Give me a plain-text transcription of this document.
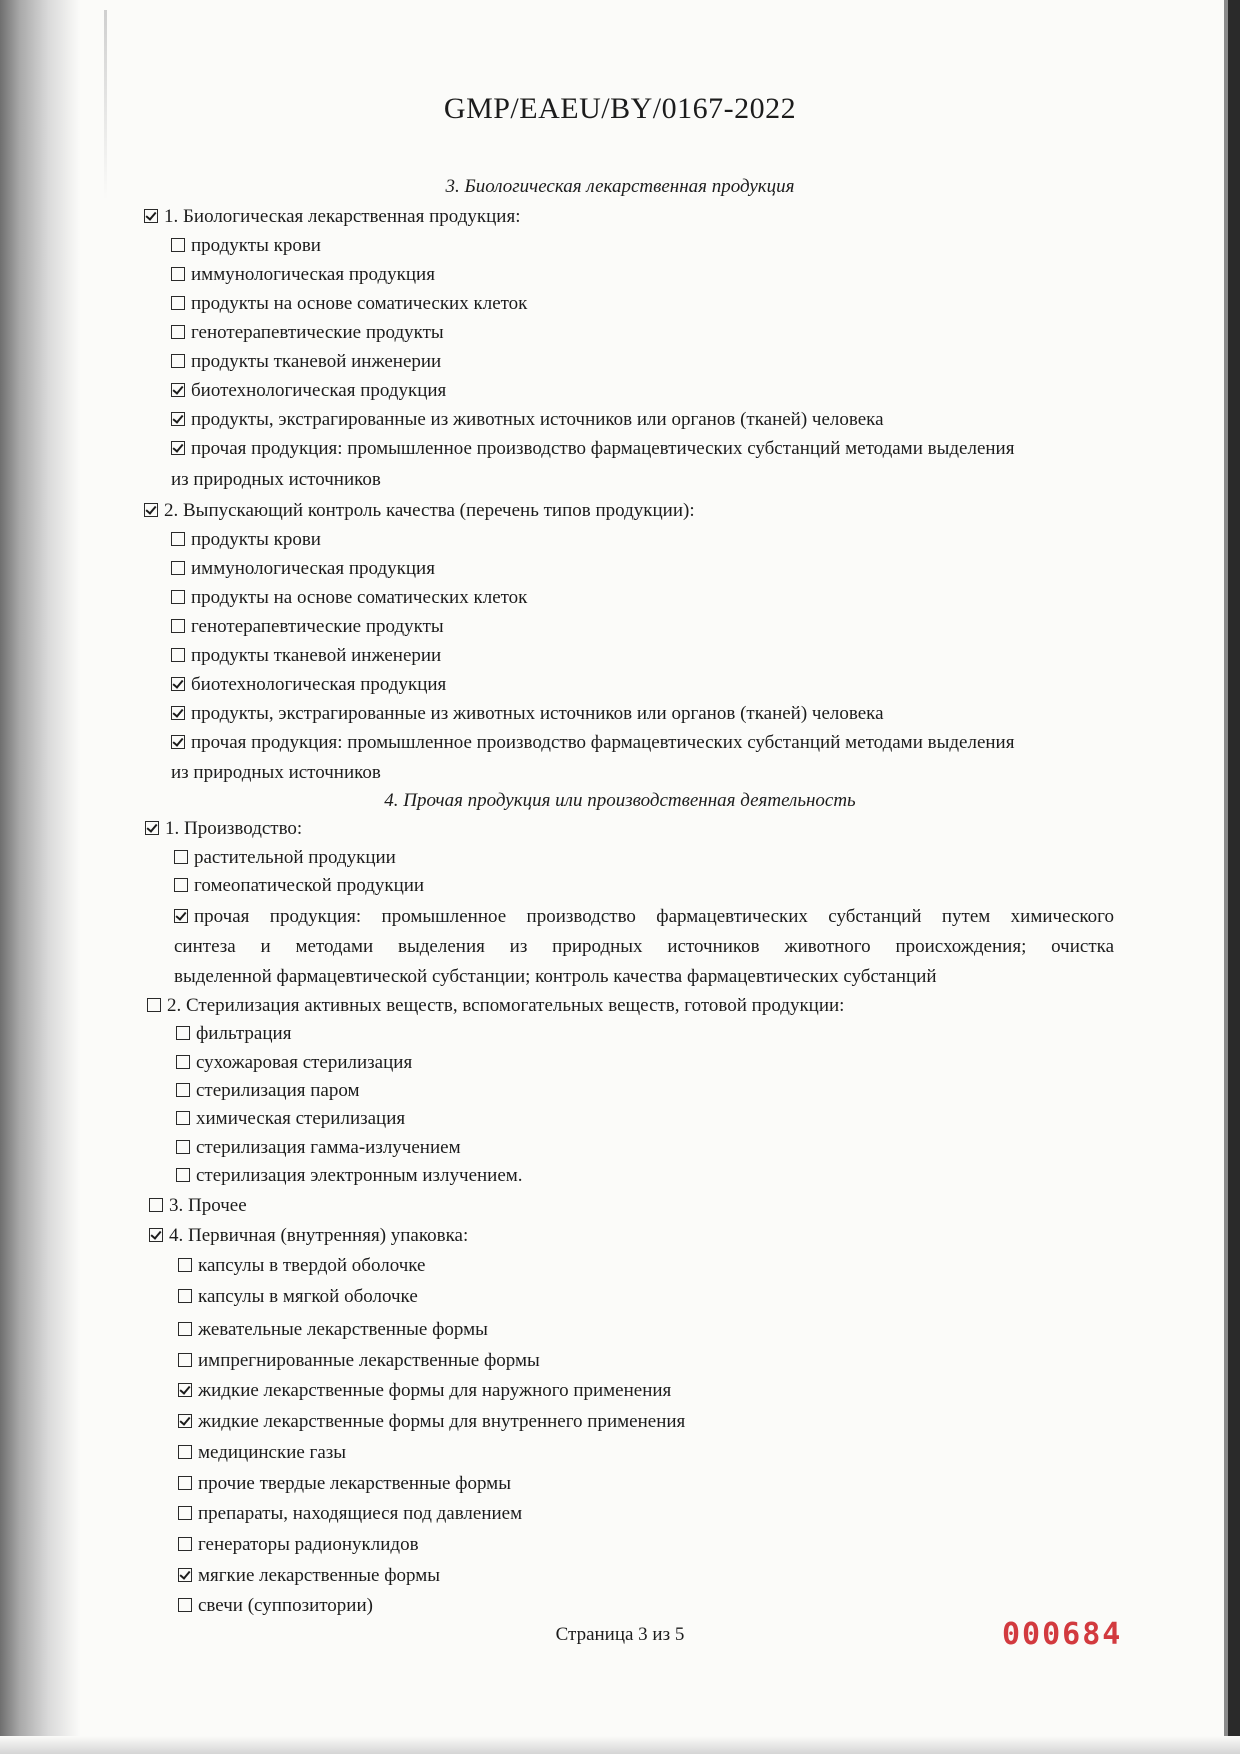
GMP/EAEU/BY/0167-2022
3. Биологическая лекарственная продукция
1. Биологическая лекарственная продукция:
продукты крови
иммунологическая продукция
продукты на основе соматических клеток
генотерапевтические продукты
продукты тканевой инженерии
биотехнологическая продукция
продукты, экстрагированные из животных источников или органов (тканей) человека
прочая продукция: промышленное производство фармацевтических субстанций методами выделения
из природных источников
2. Выпускающий контроль качества (перечень типов продукции):
продукты крови
иммунологическая продукция
продукты на основе соматических клеток
генотерапевтические продукты
продукты тканевой инженерии
биотехнологическая продукция
продукты, экстрагированные из животных источников или органов (тканей) человека
прочая продукция: промышленное производство фармацевтических субстанций методами выделения
из природных источников
4. Прочая продукция или производственная деятельность
1. Производство:
растительной продукции
гомеопатической продукции
прочая продукция: промышленное производство фармацевтических субстанций путем химического
синтеза и методами выделения из природных источников животного происхождения; очистка
выделенной фармацевтической субстанции; контроль качества фармацевтических субстанций
2. Стерилизация активных веществ, вспомогательных веществ, готовой продукции:
фильтрация
сухожаровая стерилизация
стерилизация паром
химическая стерилизация
стерилизация гамма-излучением
стерилизация электронным излучением.
3. Прочее
4. Первичная (внутренняя) упаковка:
капсулы в твердой оболочке
капсулы в мягкой оболочке
жевательные лекарственные формы
импрегнированные лекарственные формы
жидкие лекарственные формы для наружного применения
жидкие лекарственные формы для внутреннего применения
медицинские газы
прочие твердые лекарственные формы
препараты, находящиеся под давлением
генераторы радионуклидов
мягкие лекарственные формы
свечи (суппозитории)
Страница 3 из 5	000684
